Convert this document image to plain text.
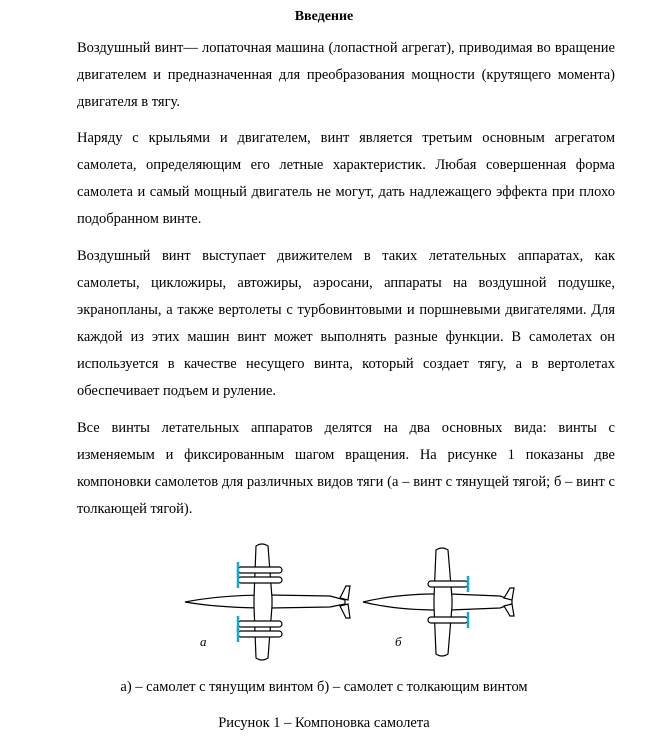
Введение

Воздушный винт— лопаточная машина (лопастной агрегат), приводимая во вращение двигателем и предназначенная для преобразования мощности (крутящего момента) двигателя в тягу.

Наряду с крыльями и двигателем, винт является третьим основным агрегатом самолета, определяющим его летные характеристик. Любая совершенная форма самолета и самый мощный двигатель не могут, дать надлежащего эффекта при плохо подобранном винте.

Воздушный винт выступает движителем в таких летательных аппаратах, как самолеты, цикложиры, автожиры, аэросани, аппараты на воздушной подушке, экранопланы, а также вертолеты с турбовинтовыми и поршневыми двигателями. Для каждой из этих машин винт может выполнять разные функции. В самолетах он используется в качестве несущего винта, который создает тягу, а в вертолетах обеспечивает подъем и руление.

Все винты летательных аппаратов делятся на два основных вида: винты с изменяемым и фиксированным шагом вращения. На рисунке 1 показаны две компоновки самолетов для различных видов тяги (а – винт с тянущей тягой; б – винт с толкающей тягой).

а	б
а) – самолет с тянущим винтом б) – самолет с толкающим винтом
Рисунок 1 – Компоновка самолета
